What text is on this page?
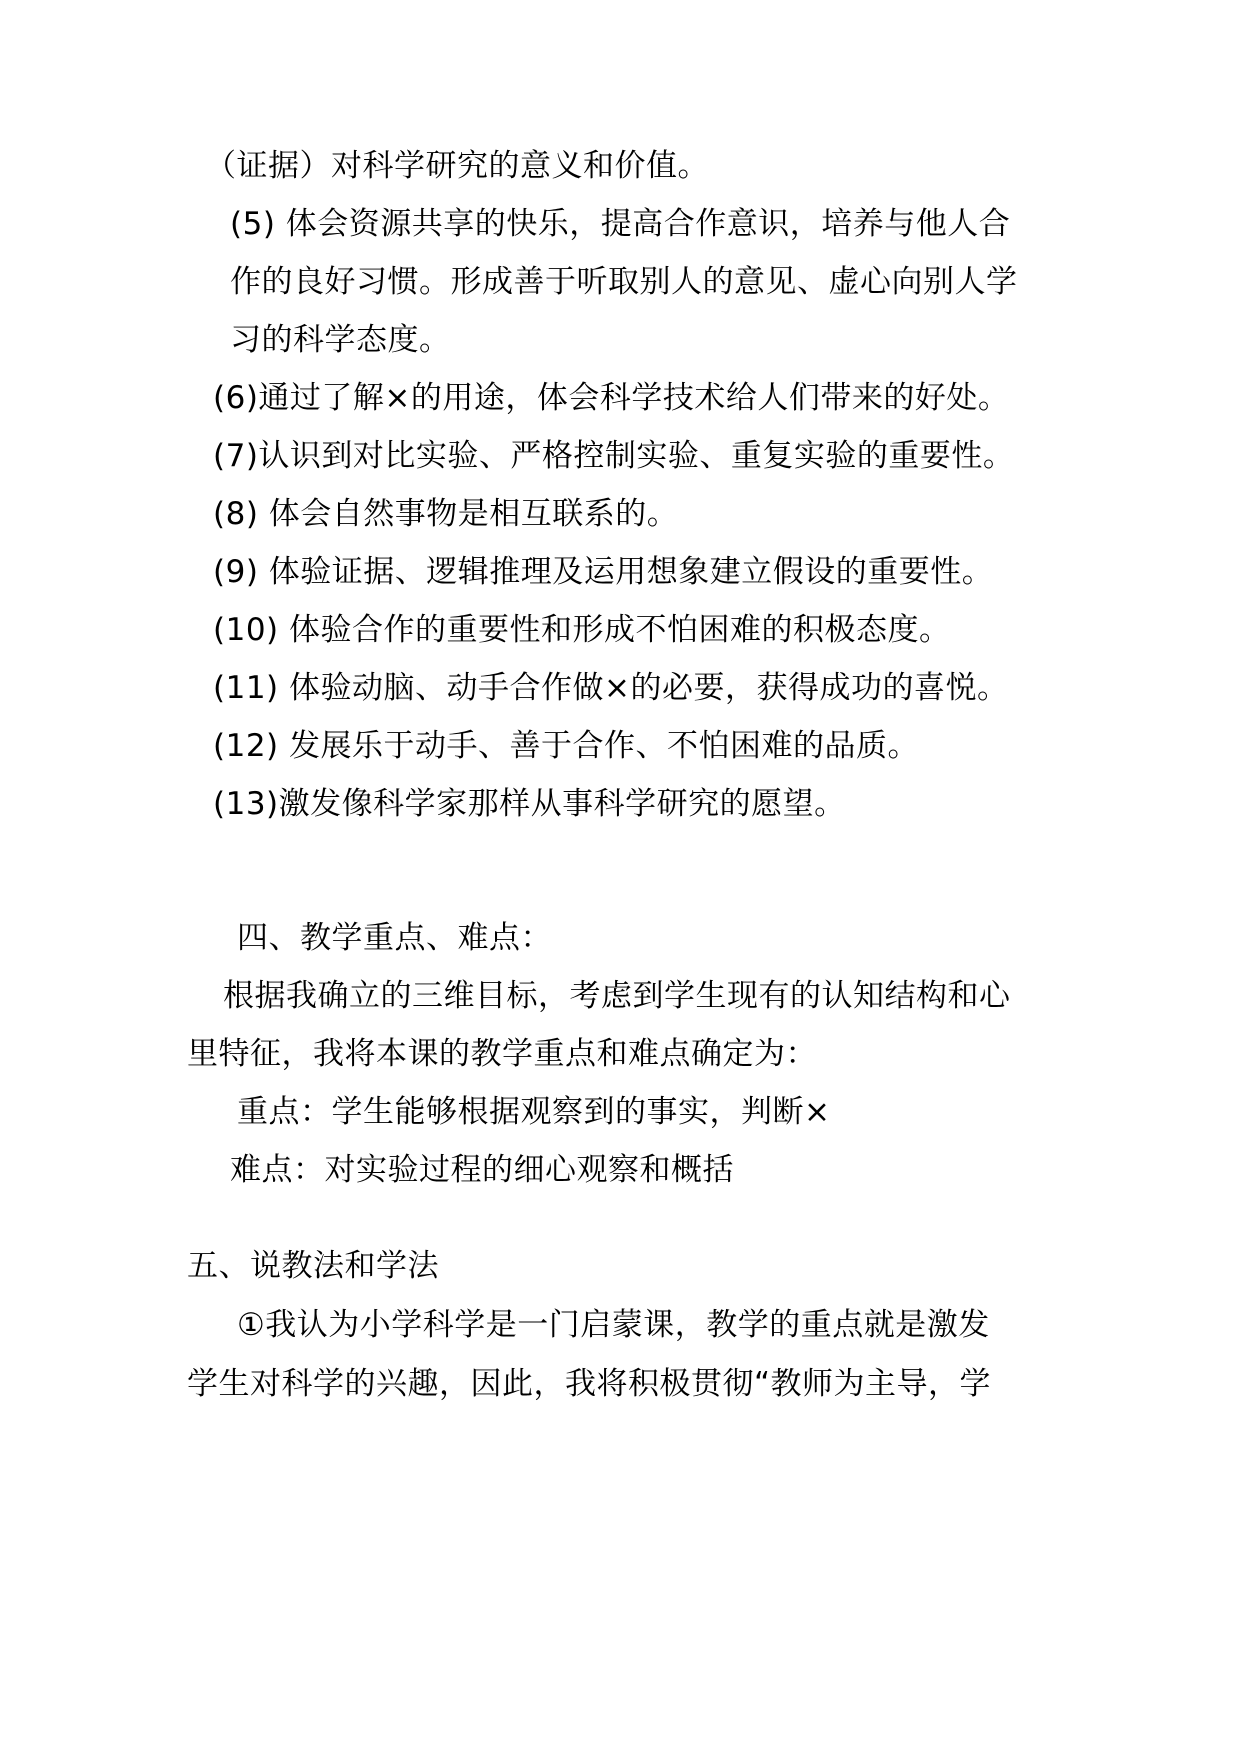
（证据）对科学研究的意义和价值。
(5) 体会资源共享的快乐，提高合作意识，培养与他人合
作的良好习惯。形成善于听取别人的意见、虚心向别人学
习的科学态度。
(6)通过了解×的用途，体会科学技术给人们带来的好处。
(7)认识到对比实验、严格控制实验、重复实验的重要性。
(8) 体会自然事物是相互联系的。
(9) 体验证据、逻辑推理及运用想象建立假设的重要性。
(10) 体验合作的重要性和形成不怕困难的积极态度。
(11) 体验动脑、动手合作做×的必要，获得成功的喜悦。
(12) 发展乐于动手、善于合作、不怕困难的品质。
(13)激发像科学家那样从事科学研究的愿望。
四、教学重点、难点：
根据我确立的三维目标，考虑到学生现有的认知结构和心
里特征，我将本课的教学重点和难点确定为：
重点：学生能够根据观察到的事实，判断×
难点：对实验过程的细心观察和概括
五、说教法和学法
①我认为小学科学是一门启蒙课，教学的重点就是激发
学生对科学的兴趣，因此，我将积极贯彻“教师为主导，学
